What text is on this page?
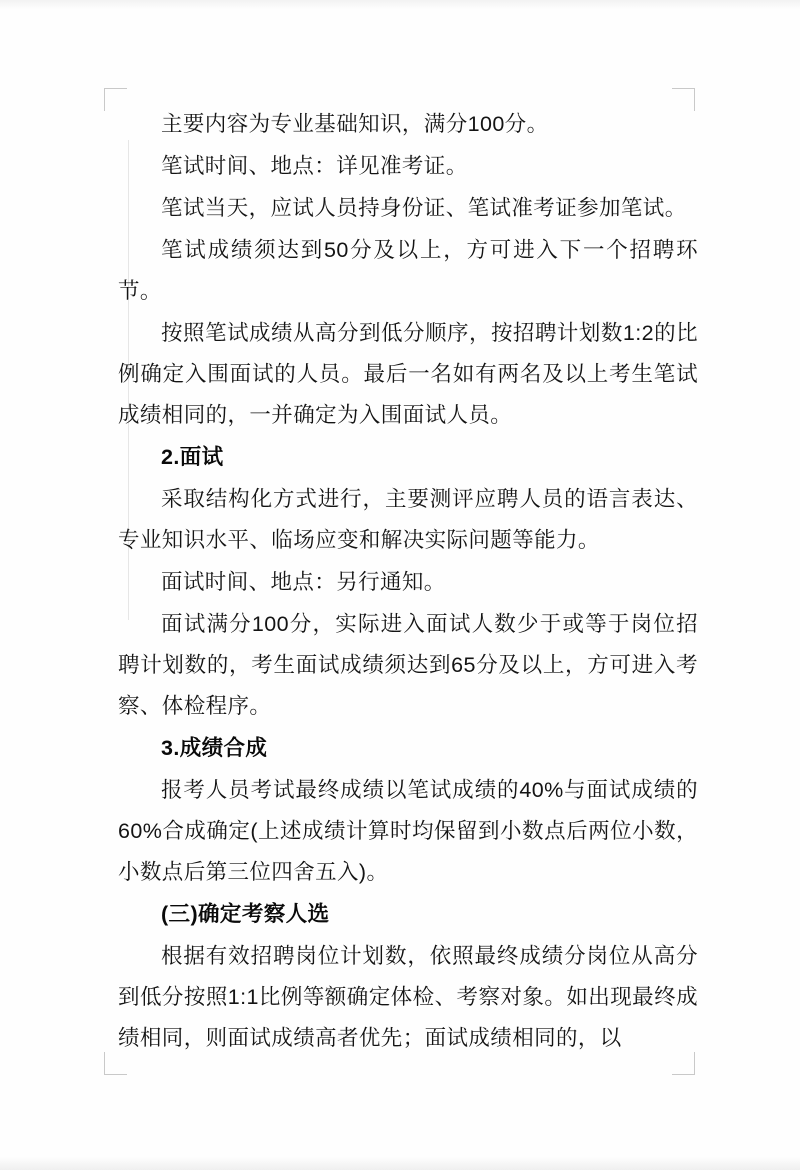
主要内容为专业基础知识，满分100分。

笔试时间、地点：详见准考证。

笔试当天，应试人员持身份证、笔试准考证参加笔试。

笔试成绩须达到50分及以上，方可进入下一个招聘环节。

按照笔试成绩从高分到低分顺序，按招聘计划数1:2的比例确定入围面试的人员。最后一名如有两名及以上考生笔试成绩相同的，一并确定为入围面试人员。

2.面试

采取结构化方式进行，主要测评应聘人员的语言表达、专业知识水平、临场应变和解决实际问题等能力。

面试时间、地点：另行通知。

面试满分100分，实际进入面试人数少于或等于岗位招聘计划数的，考生面试成绩须达到65分及以上，方可进入考察、体检程序。

3.成绩合成

报考人员考试最终成绩以笔试成绩的40%与面试成绩的60%合成确定(上述成绩计算时均保留到小数点后两位小数，小数点后第三位四舍五入)。

(三)确定考察人选

根据有效招聘岗位计划数，依照最终成绩分岗位从高分到低分按照1:1比例等额确定体检、考察对象。如出现最终成绩相同，则面试成绩高者优先；面试成绩相同的，以
